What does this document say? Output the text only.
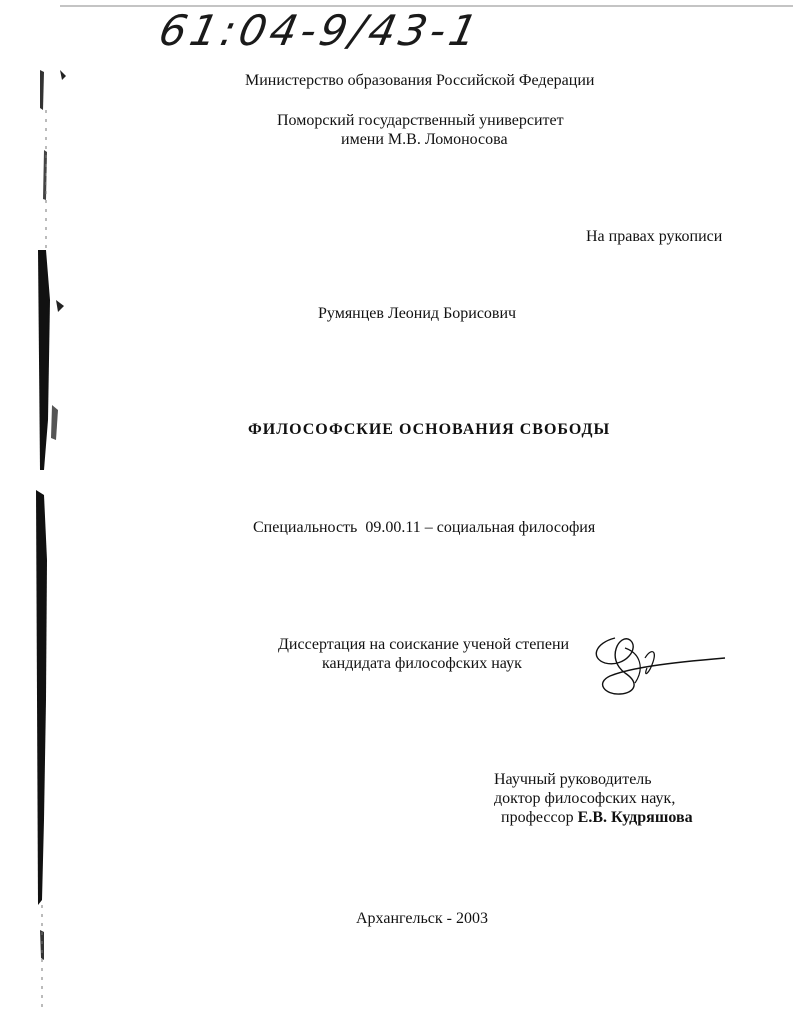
61:04-9/43-1
Министерство образования Российской Федерации
Поморский государственный университет
имени М.В. Ломоносова
На правах рукописи
Румянцев Леонид Борисович
ФИЛОСОФСКИЕ ОСНОВАНИЯ СВОБОДЫ
Специальность 09.00.11 – социальная философия
Диссертация на соискание ученой степени
кандидата философских наук
Научный руководитель
доктор философских наук,
профессор Е.В. Кудряшова
Архангельск - 2003
